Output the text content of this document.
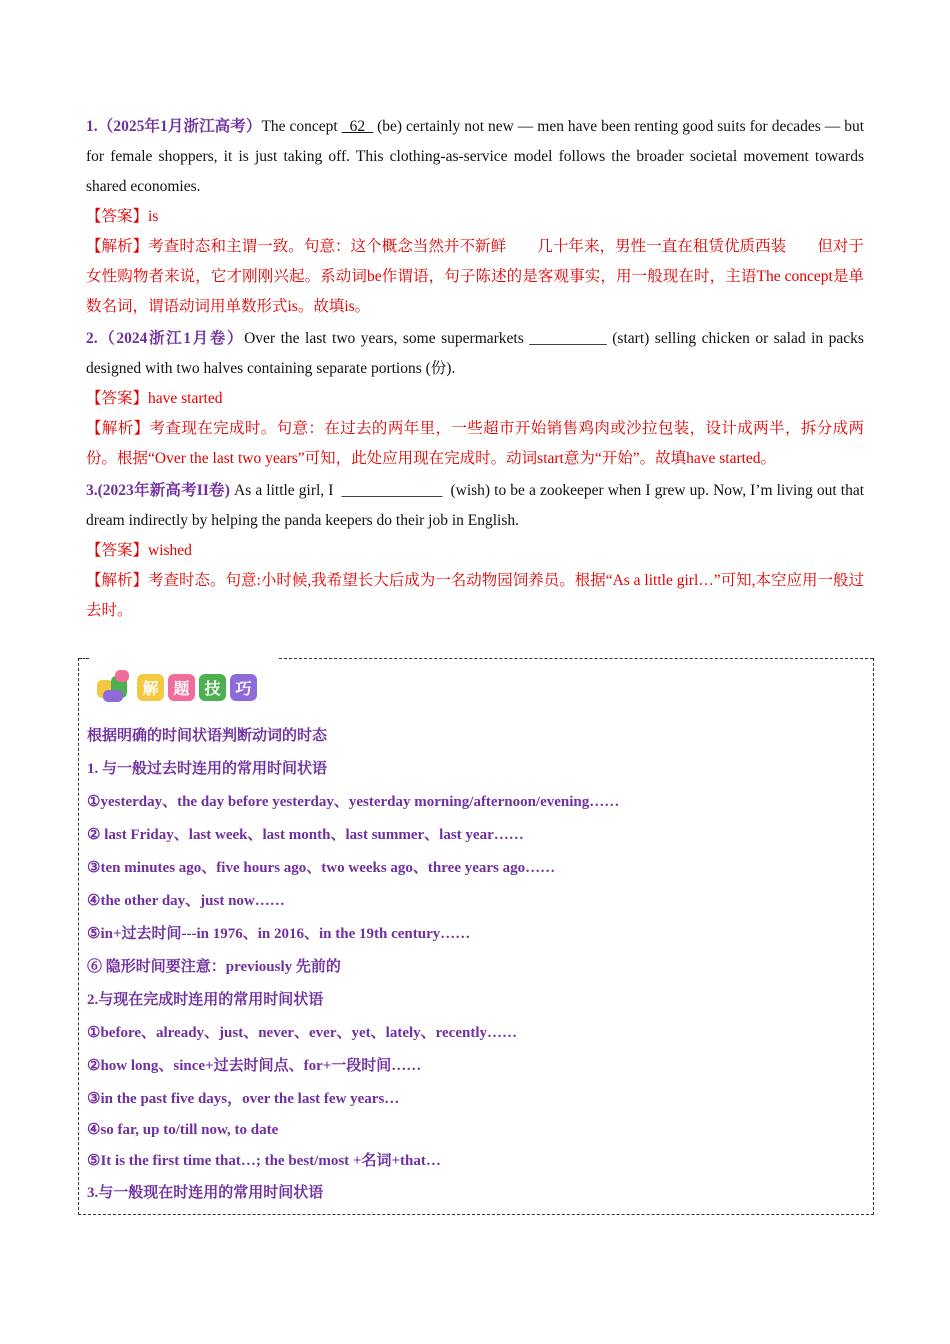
1.（2025年1月浙江高考）The concept   62   (be) certainly not new — men have been renting good suits for decades — but for female shoppers, it is just taking off. This clothing-as-service model follows the broader societal movement towards shared economies.

【答案】is

【解析】考查时态和主谓一致。句意：这个概念当然并不新鲜　　几十年来，男性一直在租赁优质西装　　但对于女性购物者来说，它才刚刚兴起。系动词be作谓语，句子陈述的是客观事实，用一般现在时，主语The concept是单数名词，谓语动词用单数形式is。故填is。

2.（2024浙江1月卷）Over the last two years, some supermarkets __________ (start) selling chicken or salad in packs designed with two halves containing separate portions (份).

【答案】have started

【解析】考查现在完成时。句意：在过去的两年里，一些超市开始销售鸡肉或沙拉包装，设计成两半，拆分成两份。根据“Over the last two years”可知，此处应用现在完成时。动词start意为“开始”。故填have started。

3.(2023年新高考II卷) As a little girl, I  _____________  (wish) to be a zookeeper when I grew up. Now, I’m living out that dream indirectly by helping the panda keepers do their job in English.

【答案】wished

【解析】考查时态。句意:小时候,我希望长大后成为一名动物园饲养员。根据“As a little girl…”可知,本空应用一般过去时。

解 题 技 巧

根据明确的时间状语判断动词的时态

1. 与一般过去时连用的常用时间状语

①yesterday、the day before yesterday、yesterday morning/afternoon/evening……

② last Friday、last week、last month、last summer、last year……

③ten minutes ago、five hours ago、two weeks ago、three years ago……

④the other day、just now……

⑤in+过去时间---in 1976、in 2016、in the 19th century……

⑥ 隐形时间要注意：previously 先前的

2.与现在完成时连用的常用时间状语

①before、already、just、never、ever、yet、lately、recently……

②how long、since+过去时间点、for+一段时间……

③in the past five days，over the last few years…

④so far, up to/till now, to date

⑤It is the first time that…; the best/most +名词+that…

3.与一般现在时连用的常用时间状语
